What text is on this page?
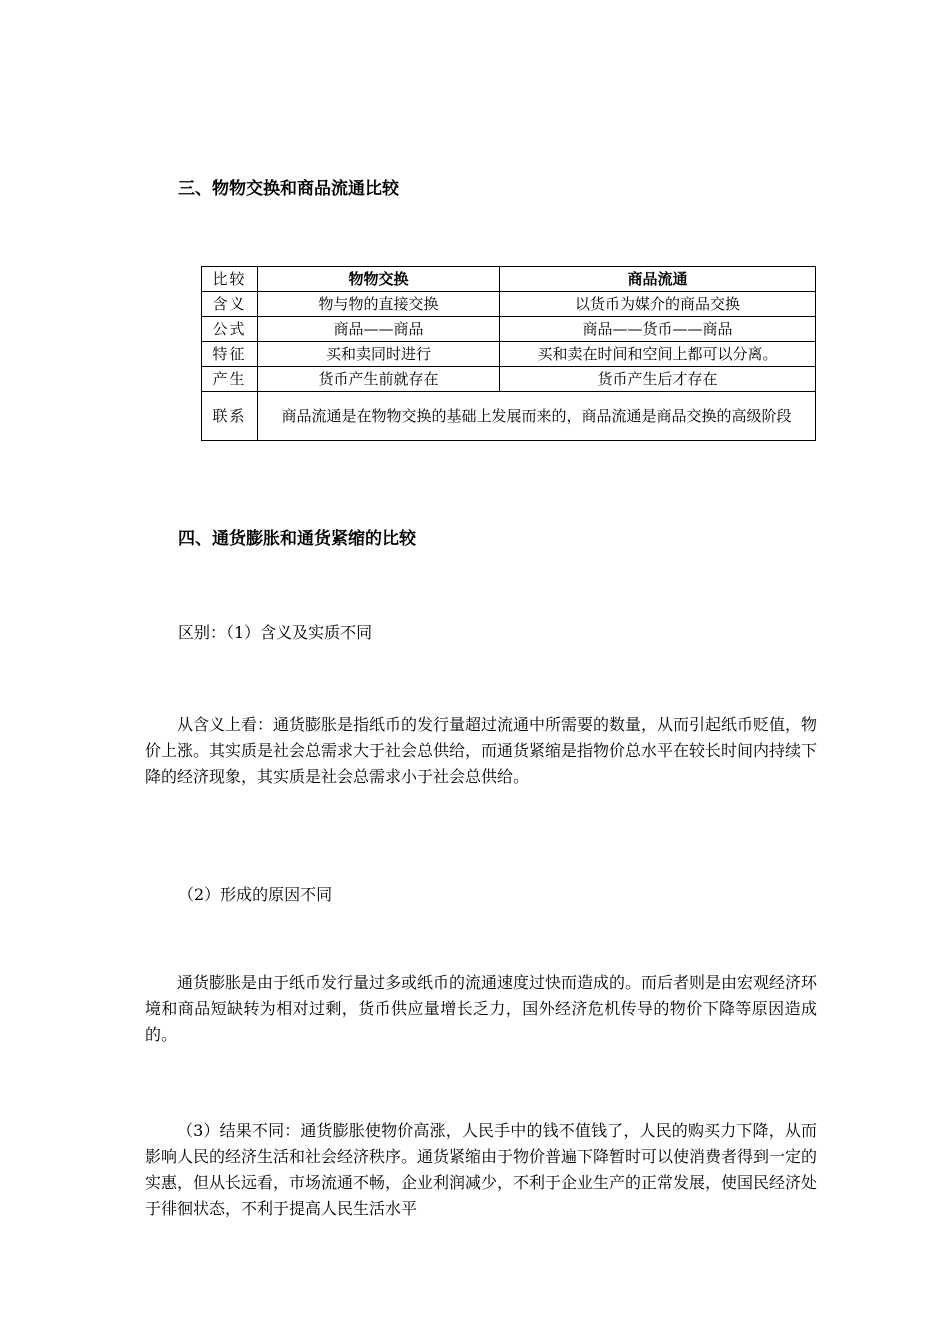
三、物物交换和商品流通比较
比较	物物交换	商品流通
含义	物与物的直接交换	以货币为媒介的商品交换
公式	商品——商品	商品——货币——商品
特征	买和卖同时进行	买和卖在时间和空间上都可以分离。
产生	货币产生前就存在	货币产生后才存在
联系	商品流通是在物物交换的基础上发展而来的，商品流通是商品交换的高级阶段	
四、通货膨胀和通货紧缩的比较
区别：（1）含义及实质不同
从含义上看：通货膨胀是指纸币的发行量超过流通中所需要的数量，从而引起纸币贬值，物价上涨。其实质是社会总需求大于社会总供给，而通货紧缩是指物价总水平在较长时间内持续下降的经济现象，其实质是社会总需求小于社会总供给。
（2）形成的原因不同
通货膨胀是由于纸币发行量过多或纸币的流通速度过快而造成的。而后者则是由宏观经济环境和商品短缺转为相对过剩，货币供应量增长乏力，国外经济危机传导的物价下降等原因造成的。
（3）结果不同：通货膨胀使物价高涨，人民手中的钱不值钱了，人民的购买力下降，从而影响人民的经济生活和社会经济秩序。通货紧缩由于物价普遍下降暂时可以使消费者得到一定的实惠，但从长远看，市场流通不畅，企业利润减少，不利于企业生产的正常发展，使国民经济处于徘徊状态，不利于提高人民生活水平
